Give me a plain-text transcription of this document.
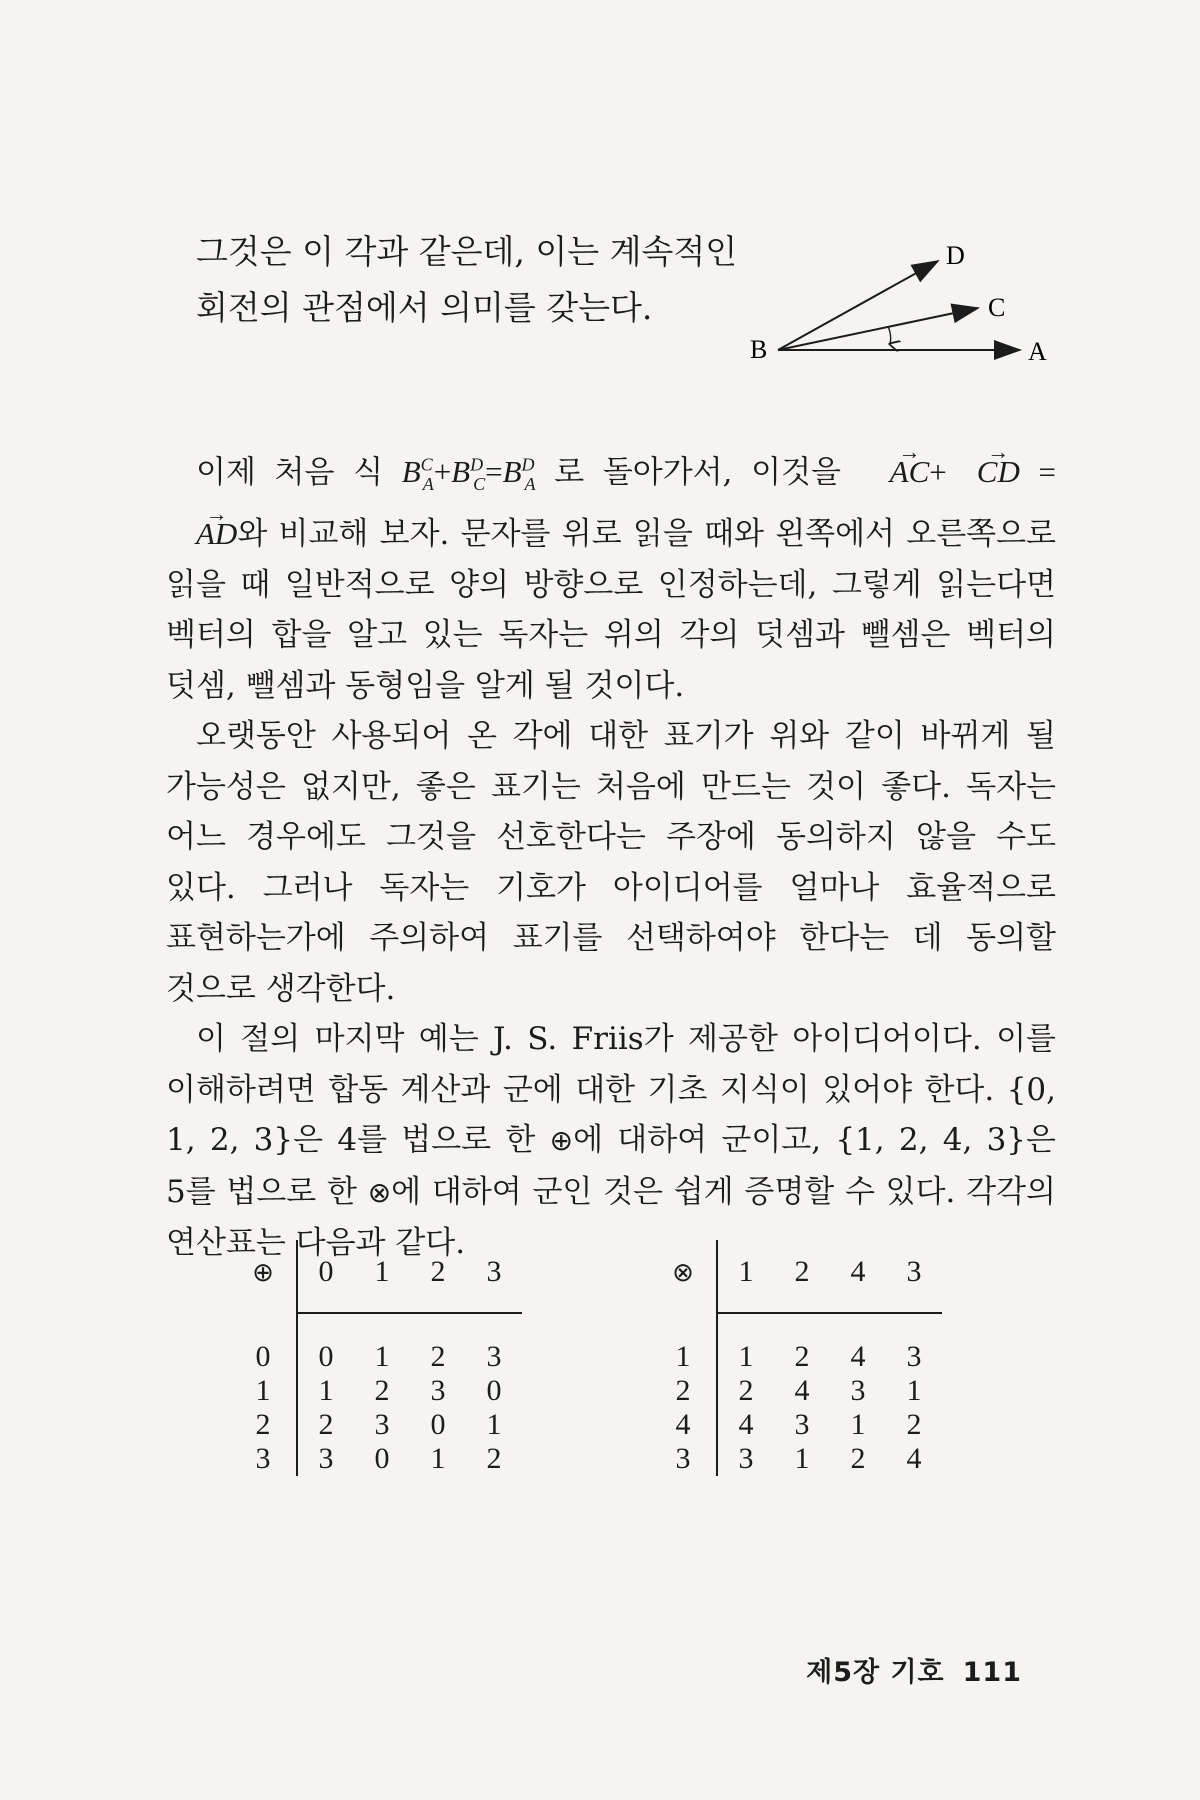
그것은 이 각과 같은데, 이는 계속적인
회전의 관점에서 의미를 갖는다.
D
C
B	A

이제 처음 식 $B^C_A+B^D_C=B^D_A$ 로 돌아가서, 이것을 AC →+ CD → = AD →와 비교해 보자. 문자를 위로 읽을 때와 왼쪽에서 오른쪽으로 읽을 때 일반적으로 양의 방향으로 인정하는데, 그렇게 읽는다면 벡터의 합을 알고 있는 독자는 위의 각의 덧셈과 뺄셈은 벡터의 덧셈, 뺄셈과 동형임을 알게 될 것이다.

오랫동안 사용되어 온 각에 대한 표기가 위와 같이 바뀌게 될 가능성은 없지만, 좋은 표기는 처음에 만드는 것이 좋다. 독자는 어느 경우에도 그것을 선호한다는 주장에 동의하지 않을 수도 있다. 그러나 독자는 기호가 아이디어를 얼마나 효율적으로 표현하는가에 주의하여 표기를 선택하여야 한다는 데 동의할 것으로 생각한다.

이 절의 마지막 예는 J. S. Friis가 제공한 아이디어이다. 이를 이해하려면 합동 계산과 군에 대한 기초 지식이 있어야 한다. {0, 1, 2, 3}은 4를 법으로 한 ⊕에 대하여 군이고, {1, 2, 4, 3}은 5를 법으로 한 ⊗에 대하여 군인 것은 쉽게 증명할 수 있다. 각각의 연산표는 다음과 같다.

⊕	0	1	2	3
0	0	1	2	3
1	1	2	3	0
2	2	3	0	1
3	3	0	1	2
⊗	1	2	4	3
1	1	2	4	3
2	2	4	3	1
4	4	3	1	2
3	3	1	2	4
제5장 기호 111
